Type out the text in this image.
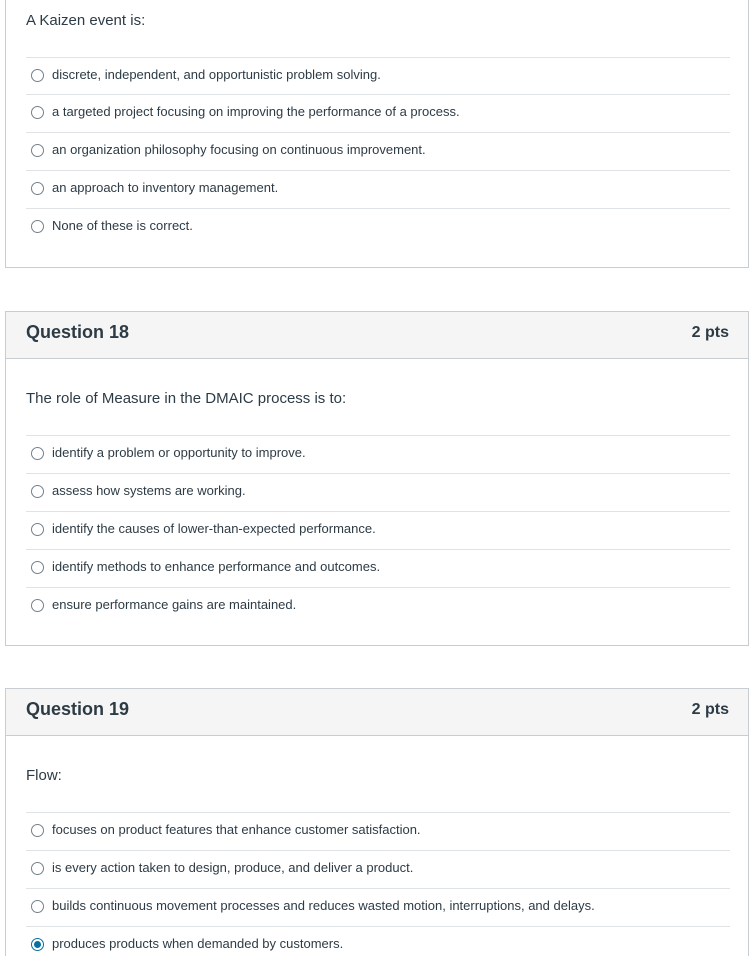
A Kaizen event is:
discrete, independent, and opportunistic problem solving.
a targeted project focusing on improving the performance of a process.
an organization philosophy focusing on continuous improvement.
an approach to inventory management.
None of these is correct.
Question 18	2 pts
The role of Measure in the DMAIC process is to:
identify a problem or opportunity to improve.
assess how systems are working.
identify the causes of lower-than-expected performance.
identify methods to enhance performance and outcomes.
ensure performance gains are maintained.
Question 19	2 pts
Flow:
focuses on product features that enhance customer satisfaction.
is every action taken to design, produce, and deliver a product.
builds continuous movement processes and reduces wasted motion, interruptions, and delays.
produces products when demanded by customers.
